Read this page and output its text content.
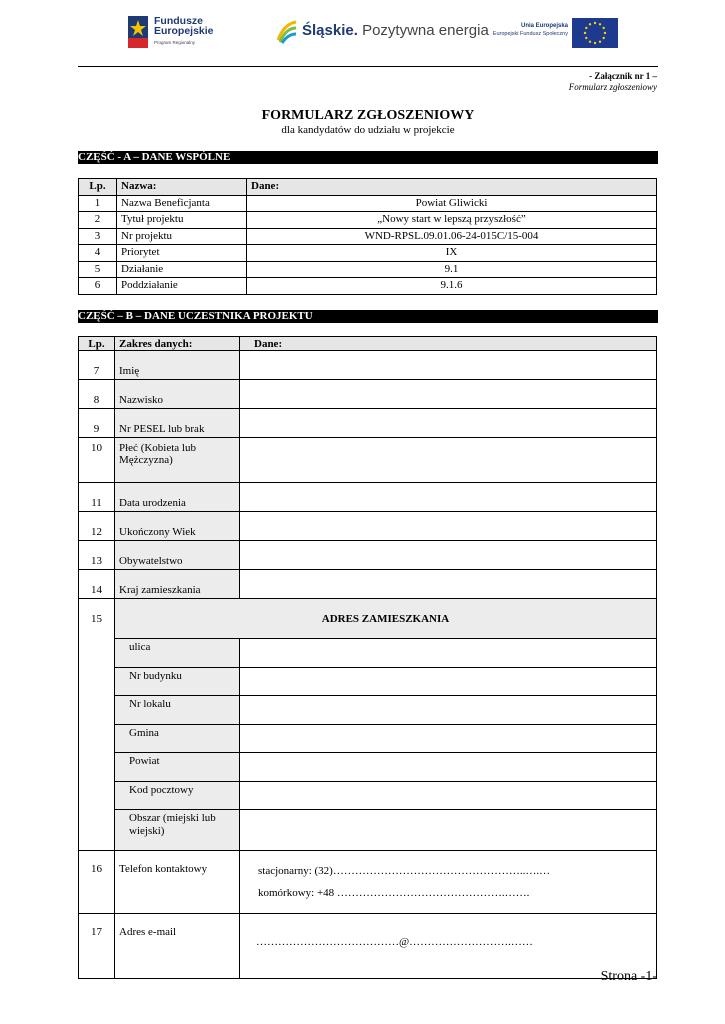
Fundusze
Europejskie
Program Regionalny
Śląskie. Pozytywna energia	Unia Europejska
Europejski Fundusz Społeczny
- Załącznik nr 1 –
Formularz zgłoszeniowy
FORMULARZ ZGŁOSZENIOWY
dla kandydatów do udziału w projekcie
CZĘŚĆ - A – DANE WSPÓLNE
Lp.	Nazwa:	Dane:
1	Nazwa Beneficjanta	Powiat Gliwicki
2	Tytuł projektu	„Nowy start w lepszą przyszłość”
3	Nr projektu	WND-RPSL.09.01.06-24-015C/15-004
4	Priorytet	IX
5	Działanie	9.1
6	Poddziałanie	9.1.6
CZĘŚĆ – B – DANE UCZESTNIKA PROJEKTU
Lp.	Zakres danych:	Dane:
7	Imię	
8	Nazwisko	
9	Nr PESEL lub brak	
10	Płeć (Kobieta lub Mężczyzna)	
11	Data urodzenia	
12	Ukończony Wiek	
13	Obywatelstwo	
14	Kraj zamieszkania	
15	ADRES ZAMIESZKANIA	
	ulica	
	Nr budynku	
	Nr lokalu	
	Gmina	
	Powiat	
	Kod pocztowy	
	Obszar (miejski lub wiejski)	
16	Telefon kontaktowy	stacjonarny: (32)……………………………………………..….…
komórkowy: +48 ……………………………………….…….

17	Adres e-mail	…………………………………@……………………….……
Strona -1-
